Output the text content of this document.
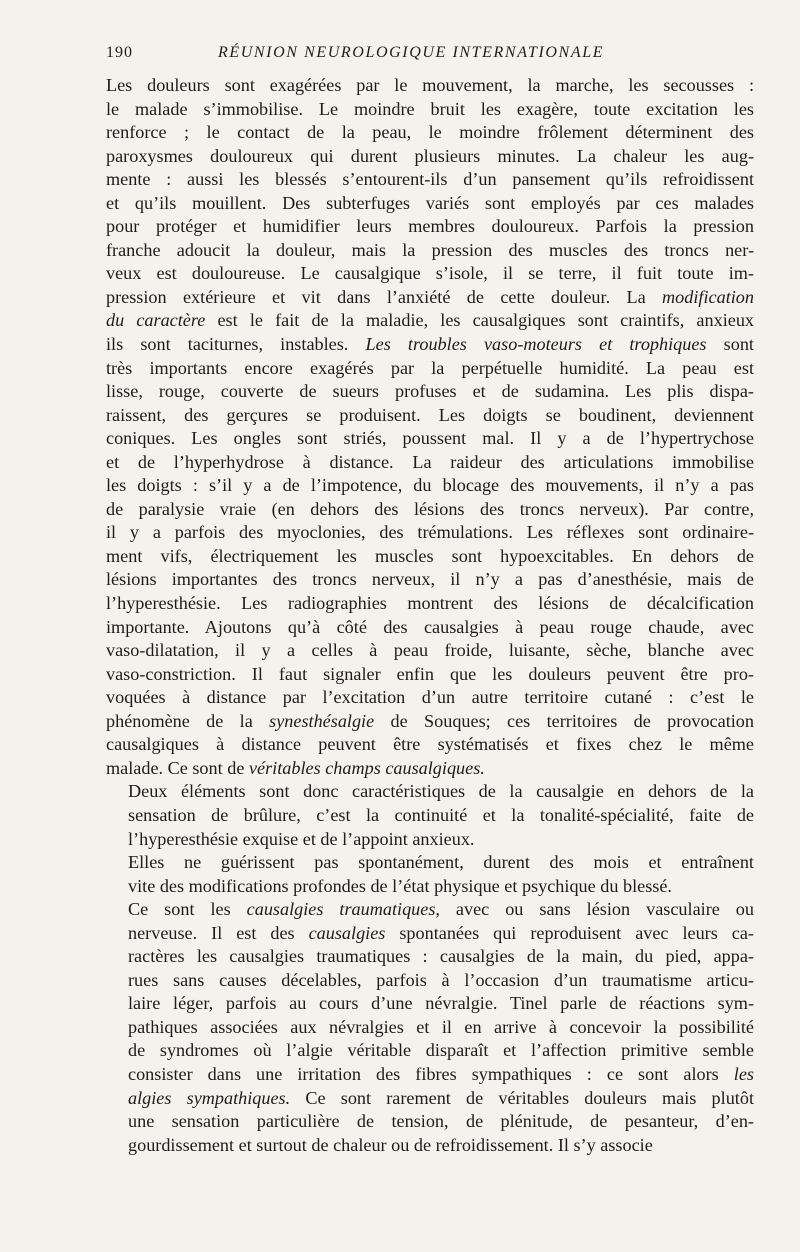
190	RÉUNION NEUROLOGIQUE INTERNATIONALE

Les douleurs sont exagérées par le mouvement, la marche, les secousses :
le malade s’immobilise. Le moindre bruit les exagère, toute excitation les
renforce ; le contact de la peau, le moindre frôlement déterminent des
paroxysmes douloureux qui durent plusieurs minutes. La chaleur les aug-
mente : aussi les blessés s’entourent-ils d’un pansement qu’ils refroidissent
et qu’ils mouillent. Des subterfuges variés sont employés par ces malades
pour protéger et humidifier leurs membres douloureux. Parfois la pression
franche adoucit la douleur, mais la pression des muscles des troncs ner-
veux est douloureuse. Le causalgique s’isole, il se terre, il fuit toute im-
pression extérieure et vit dans l’anxiété de cette douleur. La modification
du caractère est le fait de la maladie, les causalgiques sont craintifs, anxieux
ils sont taciturnes, instables. Les troubles vaso-moteurs et trophiques sont
très importants encore exagérés par la perpétuelle humidité. La peau est
lisse, rouge, couverte de sueurs profuses et de sudamina. Les plis dispa-
raissent, des gerçures se produisent. Les doigts se boudinent, deviennent
coniques. Les ongles sont striés, poussent mal. Il y a de l’hypertrychose
et de l’hyperhydrose à distance. La raideur des articulations immobilise
les doigts : s’il y a de l’impotence, du blocage des mouvements, il n’y a pas
de paralysie vraie (en dehors des lésions des troncs nerveux). Par contre,
il y a parfois des myoclonies, des trémulations. Les réflexes sont ordinaire-
ment vifs, électriquement les muscles sont hypoexcitables. En dehors de
lésions importantes des troncs nerveux, il n’y a pas d’anesthésie, mais de
l’hyperesthésie. Les radiographies montrent des lésions de décalcification
importante. Ajoutons qu’à côté des causalgies à peau rouge chaude, avec
vaso-dilatation, il y a celles à peau froide, luisante, sèche, blanche avec
vaso-constriction. Il faut signaler enfin que les douleurs peuvent être pro-
voquées à distance par l’excitation d’un autre territoire cutané : c’est le
phénomène de la synesthésalgie de Souques; ces territoires de provocation
causalgiques à distance peuvent être systématisés et fixes chez le même
malade. Ce sont de véritables champs causalgiques.

Deux éléments sont donc caractéristiques de la causalgie en dehors de la
sensation de brûlure, c’est la continuité et la tonalité-spécialité, faite de
l’hyperesthésie exquise et de l’appoint anxieux.

Elles ne guérissent pas spontanément, durent des mois et entraînent
vite des modifications profondes de l’état physique et psychique du blessé.

Ce sont les causalgies traumatiques, avec ou sans lésion vasculaire ou
nerveuse. Il est des causalgies spontanées qui reproduisent avec leurs ca-
ractères les causalgies traumatiques : causalgies de la main, du pied, appa-
rues sans causes décelables, parfois à l’occasion d’un traumatisme articu-
laire léger, parfois au cours d’une névralgie. Tinel parle de réactions sym-
pathiques associées aux névralgies et il en arrive à concevoir la possibilité
de syndromes où l’algie véritable disparaît et l’affection primitive semble
consister dans une irritation des fibres sympathiques : ce sont alors les
algies sympathiques. Ce sont rarement de véritables douleurs mais plutôt
une sensation particulière de tension, de plénitude, de pesanteur, d’en-
gourdissement et surtout de chaleur ou de refroidissement. Il s’y associe
